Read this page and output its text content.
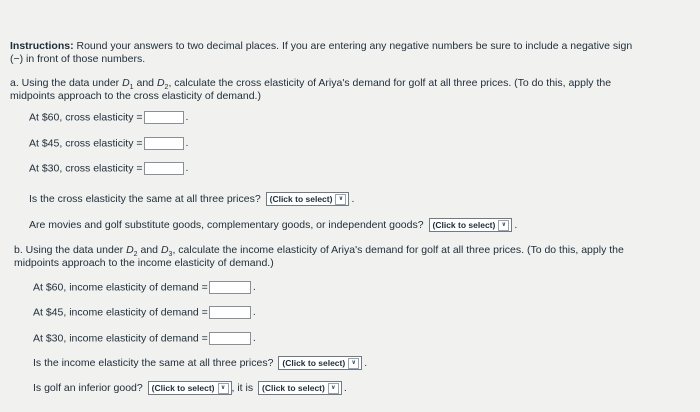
Instructions: Round your answers to two decimal places. If you are entering any negative numbers be sure to include a negative sign
(−) in front of those numbers.
a. Using the data under $D_1$ and $D_2$, calculate the cross elasticity of Ariya's demand for golf at all three prices. (To do this, apply the
midpoints approach to the cross elasticity of demand.)
At $60, cross elasticity =	.
At $45, cross elasticity =	.
At $30, cross elasticity =	.
Is the cross elasticity the same at all three prices? (Click to select)	∨ .
Are movies and golf substitute goods, complementary goods, or independent goods? (Click to select)	∨ .
b. Using the data under $D_2$ and $D_3$, calculate the income elasticity of Ariya's demand for golf at all three prices. (To do this, apply the
midpoints approach to the income elasticity of demand.)
At $60, income elasticity of demand =	.
At $45, income elasticity of demand =	.
At $30, income elasticity of demand =	.
Is the income elasticity the same at all three prices? (Click to select)	∨ .
Is golf an inferior good? (Click to select)	∨ , it is (Click to select)	∨ .
